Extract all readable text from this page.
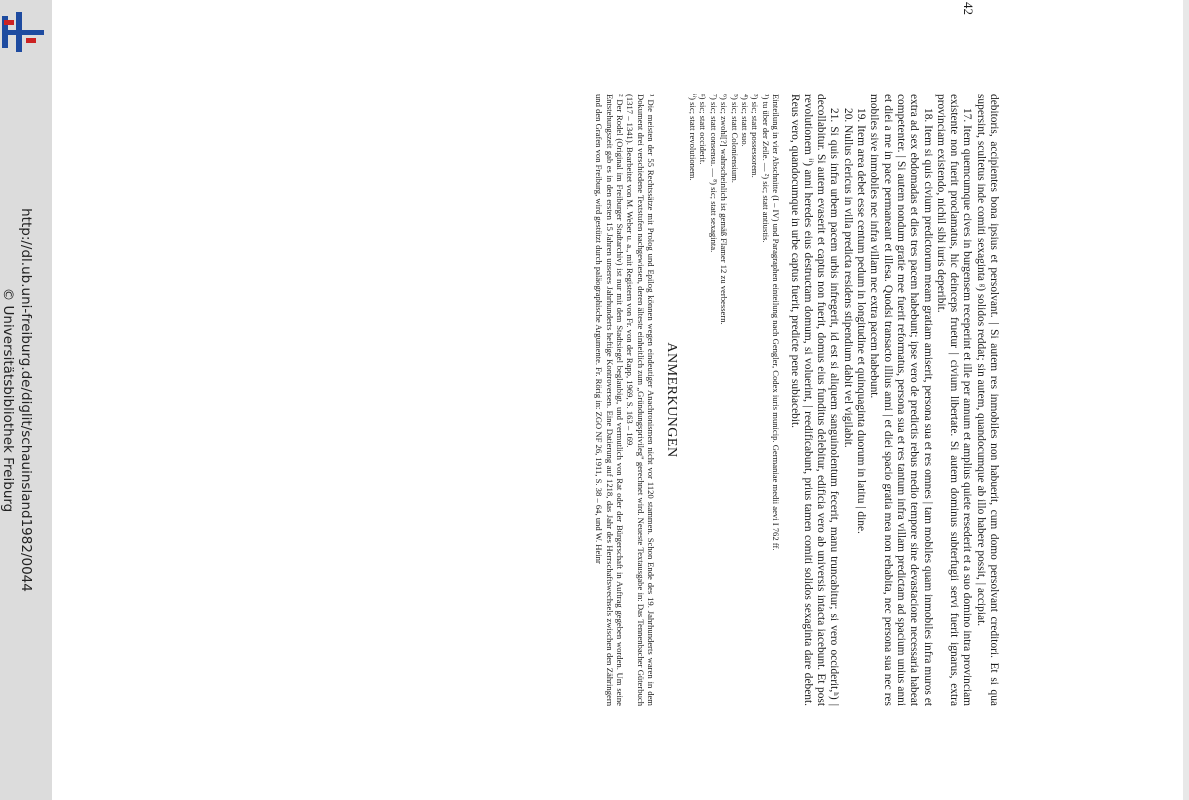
http://dl.ub.uni-freiburg.de/diglit/schauinsland1982/0044
© Universitätsbibliothek Freiburg
42

debitoris, accipientes bona ipsius et persolvant. | Si autem res inmobiles non habuerit, cum domo persolvant creditori. Et si qua supersint, scultetus inde comiti sexaginta ᵍ) solidos reddat; sin autem, quandocumque ab illo habere possit, | accipiat.

17. Item quemcumque cives in burgensem receperint et ille per annum et amplius quiete resederit et a suo domino intra provinciam existente non fuerit proclamatus, hic deinceps fruetur | civium libertate. Si autem dominus subterfugii servi fuerit ignarus, extra provinciam existendo, nichil sibi iuris deperibit.

18. Item si quis civium predictorum meam gratiam amiserit, persona sua et res omnes | tam mobiles quam inmobiles infra muros et extra ad sex ebdomadas et dies tres pacem habebunt; ipse vero de predictis rebus medio tempore sine devastacione necessaria habeat competenter. | Si autem nondum gratie mee fuerit reformatus, persona sua et res tantum infra villam predictam ad spacium unius anni et diei a me in pace permaneant et illesa. Quodsi transacto illius anni | et diei spacio gratia mea non rehabita, nec persona sua nec res mobiles sive inmobiles nec infra villam nec extra pacem habebunt.

19. Item area debet esse centum pedum in longitudine et quinquaginta duorum in latitu | dine.

20. Nullus clericus in villa predicta residens stipendium dabit vel vigilabit.

21. Si quis infra urbem pacem urbis infregerit, id est si aliquem sanguinolentum fecerit, manu truncabitur; si vero occiderit,ʰ) | decollabitur. Si autem evaserit et captus non fuerit, domus eius funditus delebitur, edificia vero ab universis intacta iacebunt. Et post revolutionem ⁱⁱ) anni heredes eius destructam domum, si voluerint, | reedificabunt, prius tamen comiti solidos sexaginta dare debent. Reus vero, quandocumque in urbe captus fuerit, predicte pene subiacebit.

Einteilung in vier Abschnitte (I – IV) und Paragraphen einteilung nach Gengler, Codex iuris municip. Germaniae medii aevi I 762 ff.

¹) tu über der Zeile. — ²) sic; statt antiustis.

³) sic; statt possessorem.

⁴) sic; statt suo.

⁵) sic; statt Coloniensium.

⁶) sic; zwohl[?] wahrscheinlich ist gemäß Flamer 12 zu verbessern.

⁷) sic; statt consensu. — ⁸) sic; statt sexaginta.

ᵍ) sic; statt occiderit.

ⁱⁱ) sic; statt revolutionem.

ANMERKUNGEN

¹ Die meisten der 55 Rechtssätze mit Prolog und Epilog können wegen eindeutiger Anachronismen nicht vor 1120 stammen. Schon Ende des 19. Jahrhunderts waren in dem Dokument drei verschiedene Textstufen nachgewiesen, deren älteste einheitlich zum „Gründungsprivileg" gerechnet wird. Neueste Textausgabe in: Das Tennenbacher Güterbuch (1317 – 1341). Bearbeitet von M. Weber u. a., mit Registern von Fr. von der Rapp, 1969, S. 163 – 169.

² Der Rodel (Original im Freiburger Stadtarchiv) ist nur mit dem Stadtsiegel beglaubigt, und vermutlich von Rat oder der Bürgerschaft in Auftrag gegeben worden. Um seine Entstehungszeit gab es in den ersten 15 Jahren unseres Jahrhunderts heftige Kontroversen. Eine Datierung auf 1218, das Jahr des Herrschaftswechsels zwischen den Zähringern und den Grafen von Freiburg, wird gestützt durch paläographische Argumente. Fr. Rörig in: ZGO NF 26, 1911, S. 38 – 64, und W. Heinr
